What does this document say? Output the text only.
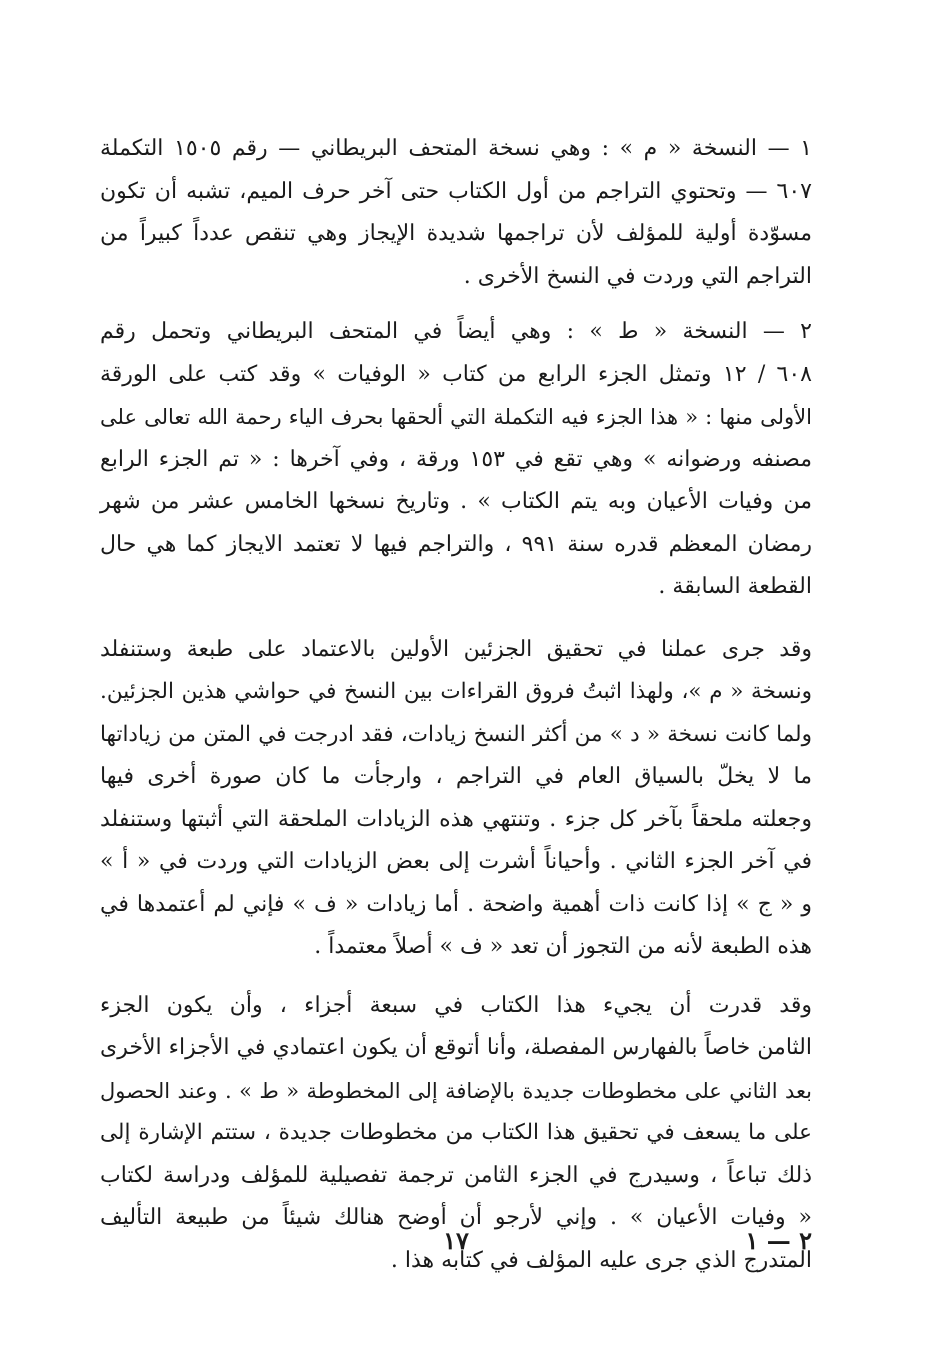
١ — النسخة « م » : وهي نسخة المتحف البريطاني — رقم ١٥٠٥ التكملة
٦٠٧ — وتحتوي التراجم من أول الكتاب حتى آخر حرف الميم، تشبه أن تكون
مسوّدة أولية للمؤلف لأن تراجمها شديدة الإيجاز وهي تنقص عدداً كبيراً من
التراجم التي وردت في النسخ الأخرى .

٢ — النسخة « ط » : وهي أيضاً في المتحف البريطاني وتحمل رقم
٦٠٨ / ١٢ وتمثل الجزء الرابع من كتاب « الوفيات » وقد كتب على الورقة
الأولى منها : « هذا الجزء فيه التكملة التي ألحقها بحرف الياء رحمة الله تعالى على
مصنفه ورضوانه » وهي تقع في ١٥٣ ورقة ، وفي آخرها : « تم الجزء الرابع
من وفيات الأعيان وبه يتم الكتاب » . وتاريخ نسخها الخامس عشر من شهر
رمضان المعظم قدره سنة ٩٩١ ، والتراجم فيها لا تعتمد الايجاز كما هي حال
القطعة السابقة .

وقد جرى عملنا في تحقيق الجزئين الأولين بالاعتماد على طبعة وستنفلد
ونسخة « م »، ولهذا اثبتُ فروق القراءات بين النسخ في حواشي هذين الجزئين.
ولما كانت نسخة « د » من أكثر النسخ زيادات، فقد ادرجت في المتن من زياداتها
ما لا يخلّ بالسياق العام في التراجم ، وارجأت ما كان صورة أخرى فيها
وجعلته ملحقاً بآخر كل جزء . وتنتهي هذه الزيادات الملحقة التي أثبتها وستنفلد
في آخر الجزء الثاني . وأحياناً أشرت إلى بعض الزيادات التي وردت في « أ »
و « ج » إذا كانت ذات أهمية واضحة . أما زيادات « ف » فإني لم أعتمدها في
هذه الطبعة لأنه من التجوز أن تعد « ف » أصلاً معتمداً .

وقد قدرت أن يجيء هذا الكتاب في سبعة أجزاء ، وأن يكون الجزء
الثامن خاصاً بالفهارس المفصلة، وأنا أتوقع أن يكون اعتمادي في الأجزاء الأخرى
بعد الثاني على مخطوطات جديدة بالإضافة إلى المخطوطة « ط » . وعند الحصول
على ما يسعف في تحقيق هذا الكتاب من مخطوطات جديدة ، ستتم الإشارة إلى
ذلك تباعاً ، وسيدرج في الجزء الثامن ترجمة تفصيلية للمؤلف ودراسة لكتاب
« وفيات الأعيان » . وإني لأرجو أن أوضح هنالك شيئاً من طبيعة التأليف
المتدرج الذي جرى عليه المؤلف في كتابه هذا .

١٧	٢ — ١
